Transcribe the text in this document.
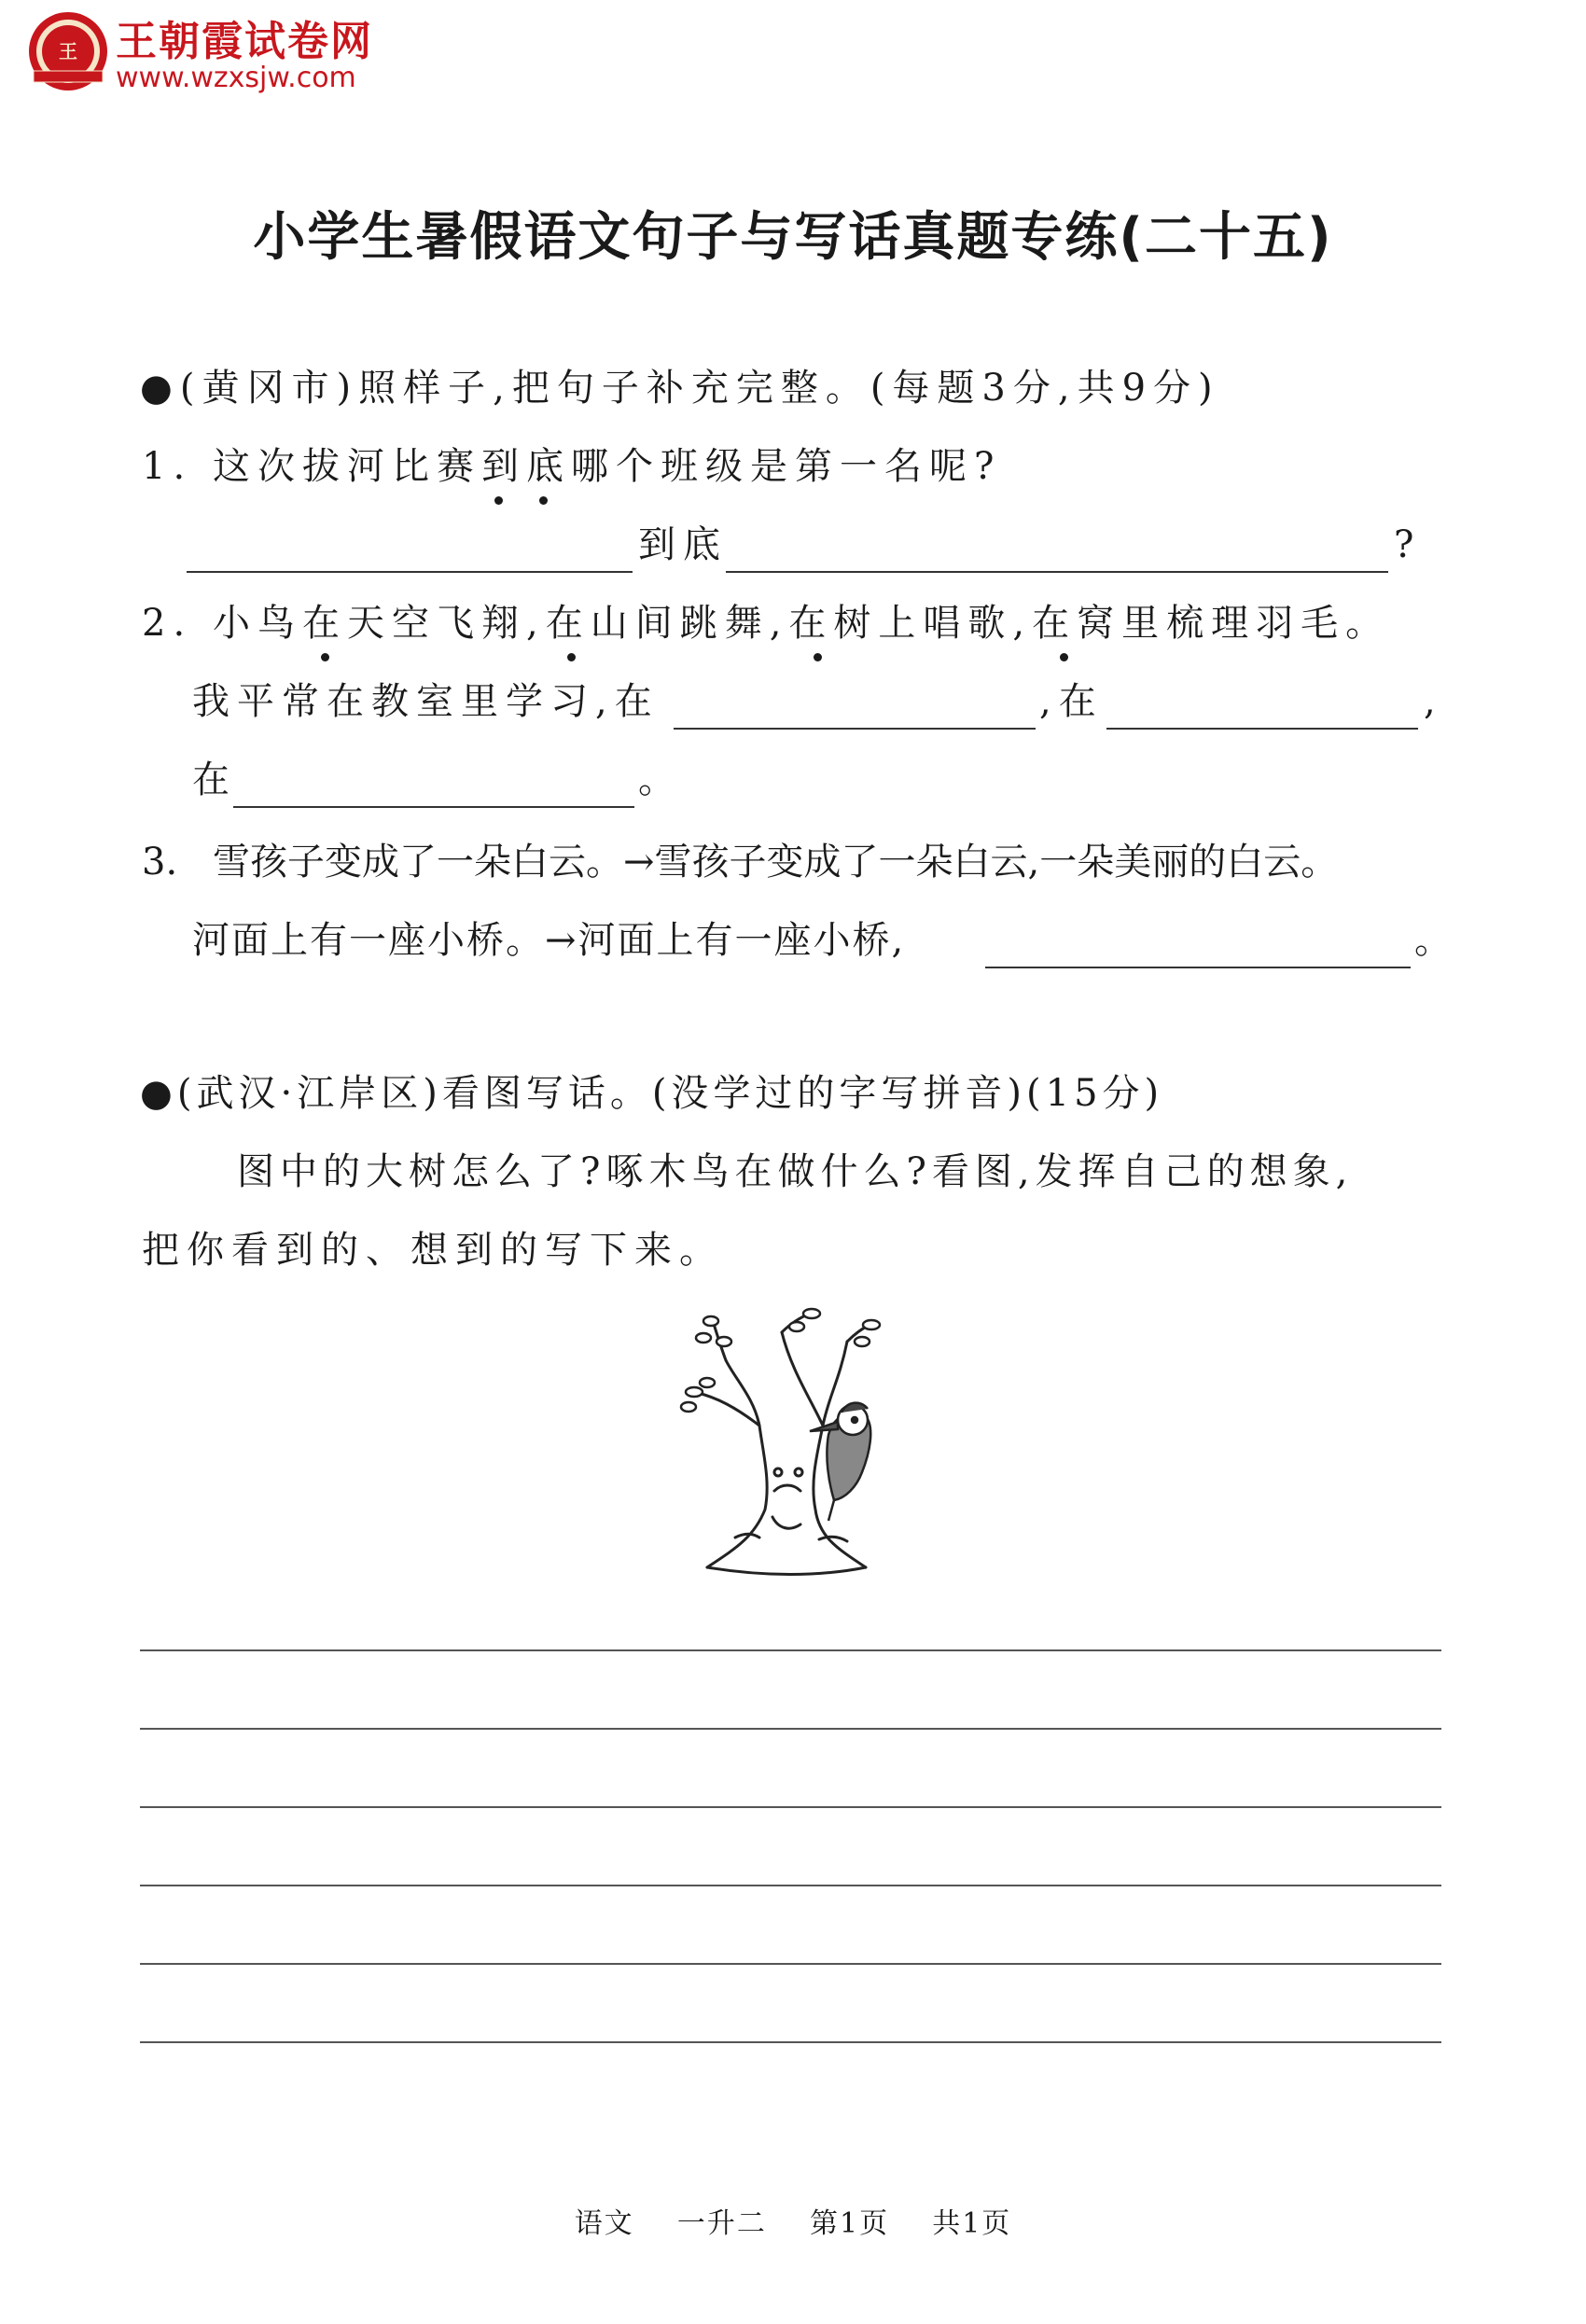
王 王朝霞试卷网
www.wzxsjw.com
小学生暑假语文句子与写话真题专练(二十五)
●(黄冈市)照样子,把句子补充完整。(每题3分,共9分)
1. 这次拔河比赛到底哪个班级是第一名呢?
到底	?
2. 小鸟在天空飞翔,在山间跳舞,在树上唱歌,在窝里梳理羽毛。
我平常在教室里学习,在	,在	,
在	。
3. 雪孩子变成了一朵白云。→雪孩子变成了一朵白云,一朵美丽的白云。
河面上有一座小桥。→河面上有一座小桥,	。
●(武汉·江岸区)看图写话。(没学过的字写拼音)(15分)
图中的大树怎么了?啄木鸟在做什么?看图,发挥自己的想象,
把你看到的、想到的写下来。
语文    一升二    第1页    共1页
